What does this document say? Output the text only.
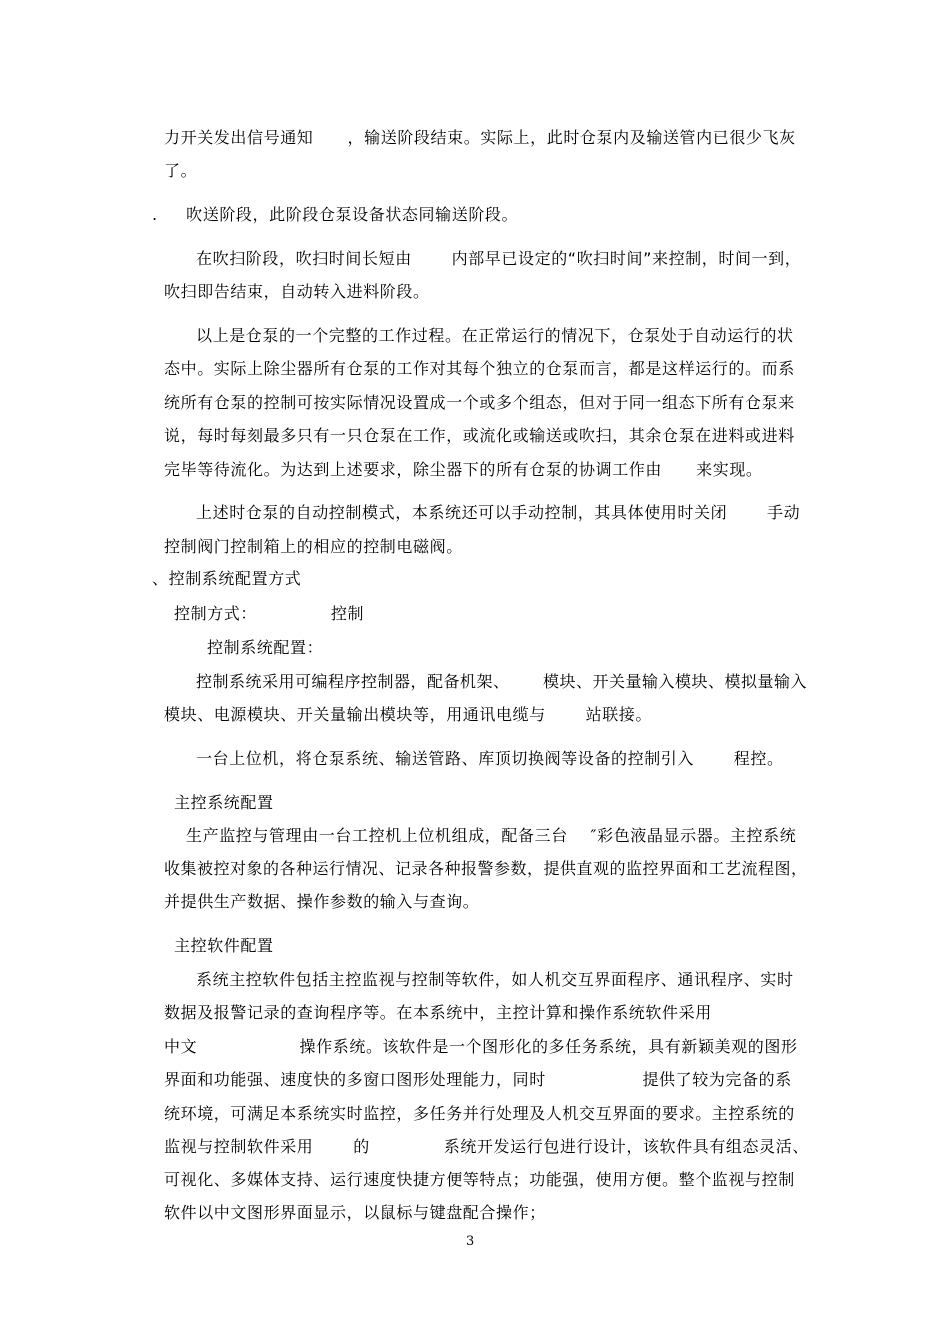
力开关发出信号通知      ，输送阶段结束。实际上，此时仓泵内及输送管内已很少飞灰
了。
.     吹送阶段，此阶段仓泵设备状态同输送阶段。
在吹扫阶段，吹扫时间长短由       内部早已设定的“吹扫时间”来控制，时间一到，
吹扫即告结束，自动转入进料阶段。
以上是仓泵的一个完整的工作过程。在正常运行的情况下，仓泵处于自动运行的状
态中。实际上除尘器所有仓泵的工作对其每个独立的仓泵而言，都是这样运行的。而系
统所有仓泵的控制可按实际情况设置成一个或多个组态，但对于同一组态下所有仓泵来
说，每时每刻最多只有一只仓泵在工作，或流化或输送或吹扫，其余仓泵在进料或进料
完毕等待流化。为达到上述要求，除尘器下的所有仓泵的协调工作由      来实现。
上述时仓泵的自动控制模式，本系统还可以手动控制，其具体使用时关闭       手动
控制阀门控制箱上的相应的控制电磁阀。
、控制系统配置方式
控制方式：             控制
控制系统配置：
控制系统采用可编程序控制器，配备机架、      模块、开关量输入模块、模拟量输入
模块、电源模块、开关量输出模块等，用通讯电缆与       站联接。
一台上位机，将仓泵系统、输送管路、库顶切换阀等设备的控制引入       程控。
主控系统配置
生产监控与管理由一台工控机上位机组成，配备三台    ″彩色液晶显示器。主控系统
收集被控对象的各种运行情况、记录各种报警参数，提供直观的监控界面和工艺流程图，
并提供生产数据、操作参数的输入与查询。
主控软件配置
系统主控软件包括主控监视与控制等软件，如人机交互界面程序、通讯程序、实时
数据及报警记录的查询程序等。在本系统中，主控计算和操作系统软件采用
中文                  操作系统。该软件是一个图形化的多任务系统，具有新颖美观的图形
界面和功能强、速度快的多窗口图形处理能力，同时                 提供了较为完备的系
统环境，可满足本系统实时监控，多任务并行处理及人机交互界面的要求。主控系统的
监视与控制软件采用       的             系统开发运行包进行设计，该软件具有组态灵活、
可视化、多媒体支持、运行速度快捷方便等特点；功能强，使用方便。整个监视与控制
软件以中文图形界面显示，以鼠标与键盘配合操作；
3
